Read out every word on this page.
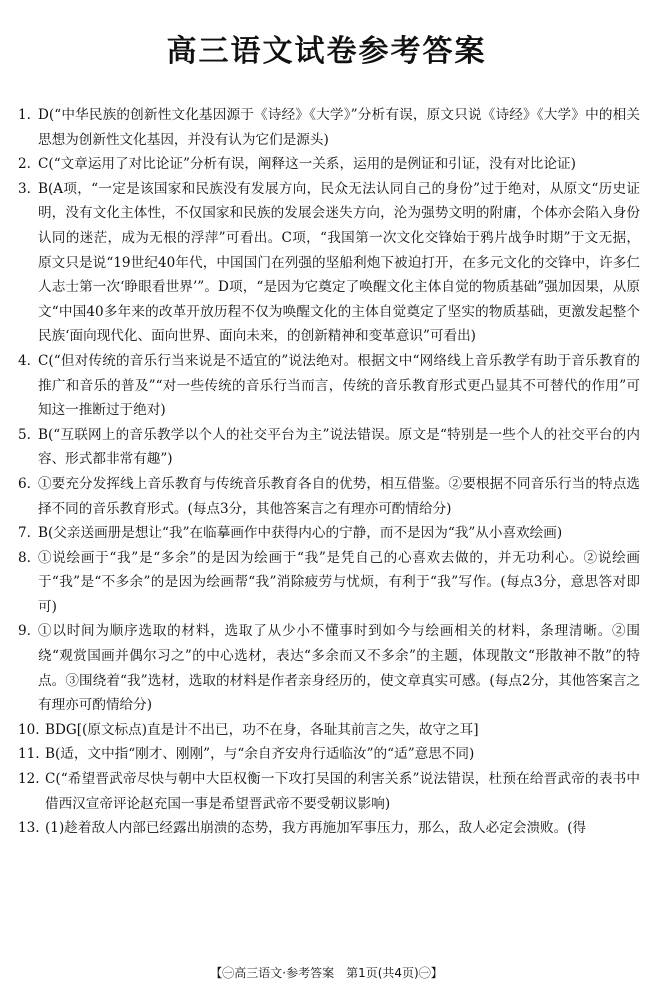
高三语文试卷参考答案
1. D(“中华民族的创新性文化基因源于《诗经》《大学》”分析有误，原文只说《诗经》《大学》中的相关思想为创新性文化基因，并没有认为它们是源头)
2. C(“文章运用了对比论证”分析有误，阐释这一关系，运用的是例证和引证，没有对比论证)
3. B(A项，“一定是该国家和民族没有发展方向，民众无法认同自己的身份”过于绝对，从原文“历史证明，没有文化主体性，不仅国家和民族的发展会迷失方向，沦为强势文明的附庸，个体亦会陷入身份认同的迷茫，成为无根的浮萍”可看出。C项，“我国第一次文化交锋始于鸦片战争时期”于文无据，原文只是说“19世纪40年代，中国国门在列强的坚船利炮下被迫打开，在多元文化的交锋中，许多仁人志士第一次‘睁眼看世界’”。D项，“是因为它奠定了唤醒文化主体自觉的物质基础”强加因果，从原文“中国40多年来的改革开放历程不仅为唤醒文化的主体自觉奠定了坚实的物质基础，更激发起整个民族‘面向现代化、面向世界、面向未来，的创新精神和变革意识”可看出)
4. C(“但对传统的音乐行当来说是不适宜的”说法绝对。根据文中“网络线上音乐教学有助于音乐教育的推广和音乐的普及”“对一些传统的音乐行当而言，传统的音乐教育形式更凸显其不可替代的作用”可知这一推断过于绝对)
5. B(“互联网上的音乐教学以个人的社交平台为主”说法错误。原文是“特别是一些个人的社交平台的内容、形式都非常有趣”)
6. ①要充分发挥线上音乐教育与传统音乐教育各自的优势，相互借鉴。②要根据不同音乐行当的特点选择不同的音乐教育形式。(每点3分，其他答案言之有理亦可酌情给分)
7. B(父亲送画册是想让“我”在临摹画作中获得内心的宁静，而不是因为“我”从小喜欢绘画)
8. ①说绘画于“我”是“多余”的是因为绘画于“我”是凭自己的心喜欢去做的，并无功利心。②说绘画于“我”是“不多余”的是因为绘画帮“我”消除疲劳与忧烦，有利于“我”写作。(每点3分，意思答对即可)
9. ①以时间为顺序选取的材料，选取了从少小不懂事时到如今与绘画相关的材料，条理清晰。②围绕“观赏国画并偶尔习之”的中心选材，表达“多余而又不多余”的主题，体现散文“形散神不散”的特点。③围绕着“我”选材，选取的材料是作者亲身经历的，使文章真实可感。(每点2分，其他答案言之有理亦可酌情给分)
10. BDG[(原文标点)直是计不出已，功不在身，各耻其前言之失，故守之耳]
11. B(适，文中指“刚才、刚刚”，与“余自齐安舟行适临汝”的“适”意思不同)
12. C(“希望晋武帝尽快与朝中大臣权衡一下攻打吴国的利害关系”说法错误，杜预在给晋武帝的表书中借西汉宣帝评论赵充国一事是希望晋武帝不要受朝议影响)
13. (1)趁着敌人内部已经露出崩溃的态势，我方再施加军事压力，那么，敌人必定会溃败。(得
【㊀高三语文·参考答案　第1页(共4页)㊀】
